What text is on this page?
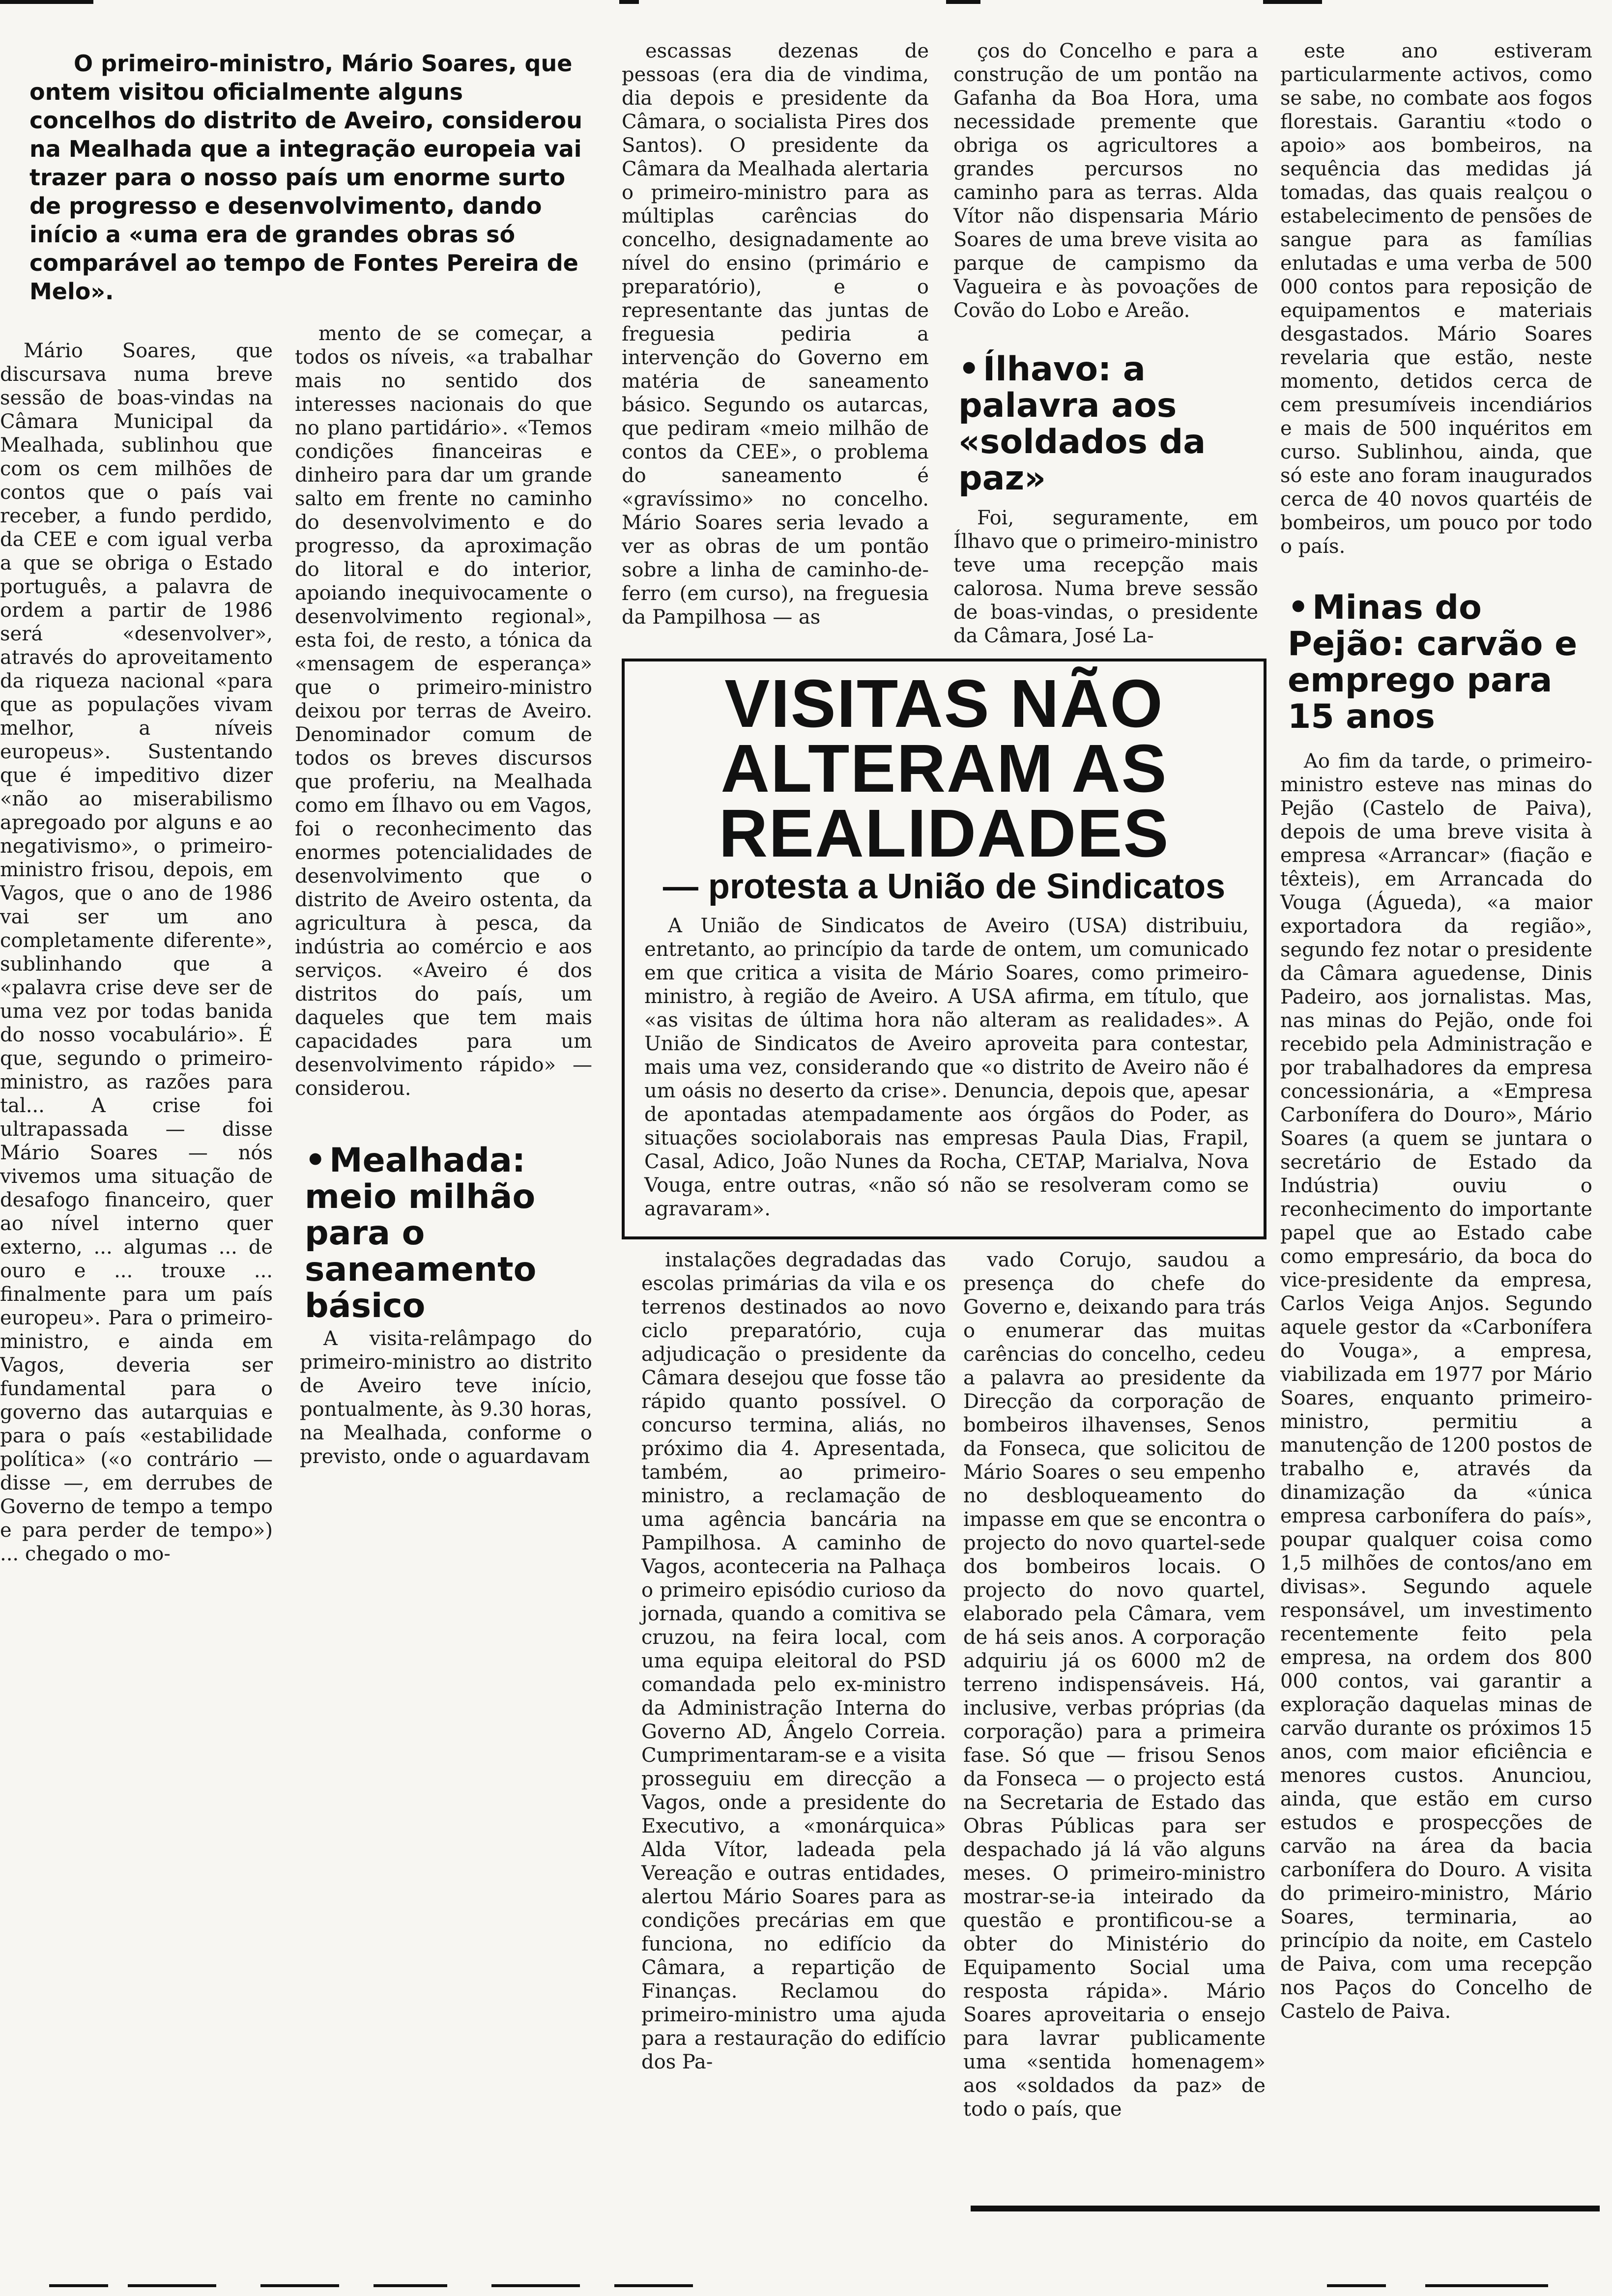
O primeiro-ministro, Mário Soares, que ontem visitou oficialmente alguns concelhos do distrito de Aveiro, considerou na Mealhada que a integração europeia vai trazer para o nosso país um enorme surto de progresso e desenvolvimento, dando início a «uma era de grandes obras só comparável ao tempo de Fontes Pereira de Melo».

Mário Soares, que discursava numa breve sessão de boas-vindas na Câmara Municipal da Mealhada, sublinhou que com os cem milhões de contos que o país vai receber, a fundo perdido, da CEE e com igual verba a que se obriga o Estado português, a palavra de ordem a partir de 1986 será «desenvolver», através do aproveitamento da riqueza nacional «para que as populações vivam melhor, a níveis europeus». Sustentando que é impeditivo dizer «não ao miserabilismo apregoado por alguns e ao negativismo», o primeiro-ministro frisou, depois, em Vagos, que o ano de 1986 vai ser um ano completamente diferente», sublinhando que a «palavra crise deve ser de uma vez por todas banida do nosso vocabulário». É que, segundo o primeiro-ministro, as razões para tal... A crise foi ultrapassada — disse Mário Soares — nós vivemos uma situação de desafogo financeiro, quer ao nível interno quer externo, ... algumas ... de ouro e ... trouxe ... finalmente para um país europeu». Para o primeiro-ministro, e ainda em Vagos, deveria ser fundamental para o governo das autarquias e para o país «estabilidade política» («o contrário — disse —, em derrubes de Governo de tempo a tempo e para perder de tempo») ... chegado o mo-

mento de se começar, a todos os níveis, «a trabalhar mais no sentido dos interesses nacionais do que no plano partidário». «Temos condições financeiras e dinheiro para dar um grande salto em frente no caminho do desenvolvimento e do progresso, da aproximação do litoral e do interior, apoiando inequivocamente o desenvolvimento regional», esta foi, de resto, a tónica da «mensagem de esperança» que o primeiro-ministro deixou por terras de Aveiro. Denominador comum de todos os breves discursos que proferiu, na Mealhada como em Ílhavo ou em Vagos, foi o reconhecimento das enormes potencialidades de desenvolvimento que o distrito de Aveiro ostenta, da agricultura à pesca, da indústria ao comércio e aos serviços. «Aveiro é dos distritos do país, um daqueles que tem mais capacidades para um desenvolvimento rápido» — considerou.

•Mealhada: meio milhão para o saneamento básico

A visita-relâmpago do primeiro-ministro ao distrito de Aveiro teve início, pontualmente, às 9.30 horas, na Mealhada, conforme o previsto, onde o aguardavam

escassas dezenas de pessoas (era dia de vindima, dia depois e presidente da Câmara, o socialista Pires dos Santos). O presidente da Câmara da Mealhada alertaria o primeiro-ministro para as múltiplas carências do concelho, designadamente ao nível do ensino (primário e preparatório), e o representante das juntas de freguesia pediria a intervenção do Governo em matéria de saneamento básico. Segundo os autarcas, que pediram «meio milhão de contos da CEE», o problema do saneamento é «gravíssimo» no concelho. Mário Soares seria levado a ver as obras de um pontão sobre a linha de caminho-de-ferro (em curso), na freguesia da Pampilhosa — as

ços do Concelho e para a construção de um pontão na Gafanha da Boa Hora, uma necessidade premente que obriga os agricultores a grandes percursos no caminho para as terras. Alda Vítor não dispensaria Mário Soares de uma breve visita ao parque de campismo da Vagueira e às povoações de Covão do Lobo e Areão.

•Ílhavo: a palavra aos «soldados da paz»

Foi, seguramente, em Ílhavo que o primeiro-ministro teve uma recepção mais calorosa. Numa breve sessão de boas-vindas, o presidente da Câmara, José La-

este ano estiveram particularmente activos, como se sabe, no combate aos fogos florestais. Garantiu «todo o apoio» aos bombeiros, na sequência das medidas já tomadas, das quais realçou o estabelecimento de pensões de sangue para as famílias enlutadas e uma verba de 500 000 contos para reposição de equipamentos e materiais desgastados. Mário Soares revelaria que estão, neste momento, detidos cerca de cem presumíveis incendiários e mais de 500 inquéritos em curso. Sublinhou, ainda, que só este ano foram inaugurados cerca de 40 novos quartéis de bombeiros, um pouco por todo o país.

•Minas do Pejão: carvão e emprego para 15 anos

Ao fim da tarde, o primeiro-ministro esteve nas minas do Pejão (Castelo de Paiva), depois de uma breve visita à empresa «Arrancar» (fiação e têxteis), em Arrancada do Vouga (Águeda), «a maior exportadora da região», segundo fez notar o presidente da Câmara aguedense, Dinis Padeiro, aos jornalistas. Mas, nas minas do Pejão, onde foi recebido pela Administração e por trabalhadores da empresa concessionária, a «Empresa Carbonífera do Douro», Mário Soares (a quem se juntara o secretário de Estado da Indústria) ouviu o reconhecimento do importante papel que ao Estado cabe como empresário, da boca do vice-presidente da empresa, Carlos Veiga Anjos. Segundo aquele gestor da «Carbonífera do Vouga», a empresa, viabilizada em 1977 por Mário Soares, enquanto primeiro-ministro, permitiu a manutenção de 1200 postos de trabalho e, através da dinamização da «única empresa carbonífera do país», poupar qualquer coisa como 1,5 milhões de contos/ano em divisas». Segundo aquele responsável, um investimento recentemente feito pela empresa, na ordem dos 800 000 contos, vai garantir a exploração daquelas minas de carvão durante os próximos 15 anos, com maior eficiência e menores custos. Anunciou, ainda, que estão em curso estudos e prospecções de carvão na área da bacia carbonífera do Douro. A visita do primeiro-ministro, Mário Soares, terminaria, ao princípio da noite, em Castelo de Paiva, com uma recepção nos Paços do Concelho de Castelo de Paiva.

VISITAS NÃO ALTERAM AS REALIDADES
— protesta a União de Sindicatos

A União de Sindicatos de Aveiro (USA) distribuiu, entretanto, ao princípio da tarde de ontem, um comunicado em que critica a visita de Mário Soares, como primeiro-ministro, à região de Aveiro. A USA afirma, em título, que «as visitas de última hora não alteram as realidades». A União de Sindicatos de Aveiro aproveita para contestar, mais uma vez, considerando que «o distrito de Aveiro não é um oásis no deserto da crise». Denuncia, depois que, apesar de apontadas atempadamente aos órgãos do Poder, as situações sociolaborais nas empresas Paula Dias, Frapil, Casal, Adico, João Nunes da Rocha, CETAP, Marialva, Nova Vouga, entre outras, «não só não se resolveram como se agravaram».

instalações degradadas das escolas primárias da vila e os terrenos destinados ao novo ciclo preparatório, cuja adjudicação o presidente da Câmara desejou que fosse tão rápido quanto possível. O concurso termina, aliás, no próximo dia 4. Apresentada, também, ao primeiro-ministro, a reclamação de uma agência bancária na Pampilhosa. A caminho de Vagos, aconteceria na Palhaça o primeiro episódio curioso da jornada, quando a comitiva se cruzou, na feira local, com uma equipa eleitoral do PSD comandada pelo ex-ministro da Administração Interna do Governo AD, Ângelo Correia. Cumprimentaram-se e a visita prosseguiu em direcção a Vagos, onde a presidente do Executivo, a «monárquica» Alda Vítor, ladeada pela Vereação e outras entidades, alertou Mário Soares para as condições precárias em que funciona, no edifício da Câmara, a repartição de Finanças. Reclamou do primeiro-ministro uma ajuda para a restauração do edifício dos Pa-

vado Corujo, saudou a presença do chefe do Governo e, deixando para trás o enumerar das muitas carências do concelho, cedeu a palavra ao presidente da Direcção da corporação de bombeiros ilhavenses, Senos da Fonseca, que solicitou de Mário Soares o seu empenho no desbloqueamento do impasse em que se encontra o projecto do novo quartel-sede dos bombeiros locais. O projecto do novo quartel, elaborado pela Câmara, vem de há seis anos. A corporação adquiriu já os 6000 m2 de terreno indispensáveis. Há, inclusive, verbas próprias (da corporação) para a primeira fase. Só que — frisou Senos da Fonseca — o projecto está na Secretaria de Estado das Obras Públicas para ser despachado já lá vão alguns meses. O primeiro-ministro mostrar-se-ia inteirado da questão e prontificou-se a obter do Ministério do Equipamento Social uma resposta rápida». Mário Soares aproveitaria o ensejo para lavrar publicamente uma «sentida homenagem» aos «soldados da paz» de todo o país, que
